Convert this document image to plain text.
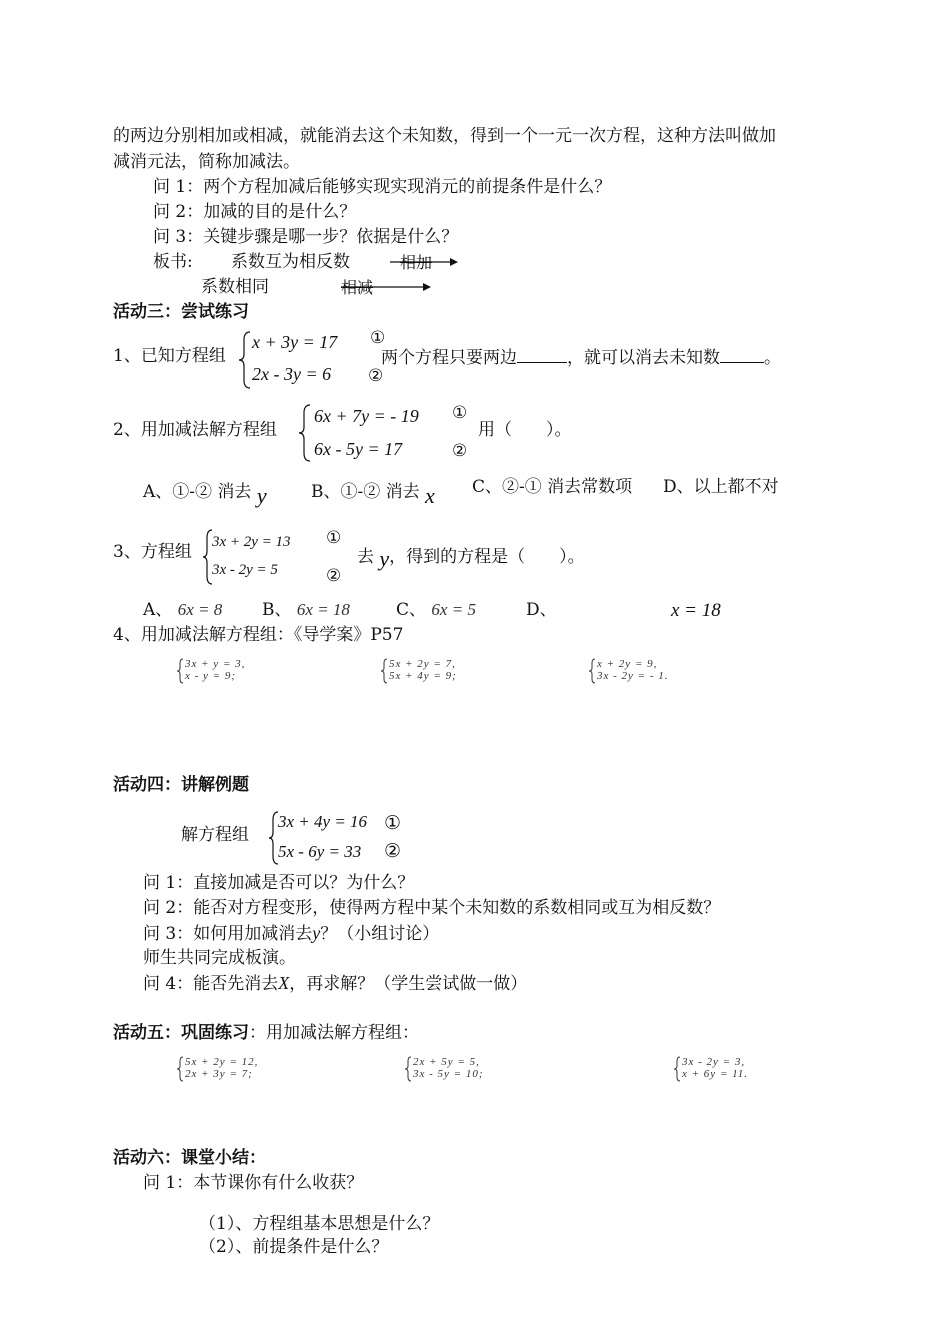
的两边分别相加或相减，就能消去这个未知数，得到一个一元一次方程，这种方法叫做加
减消元法，简称加减法。
问 1：两个方程加减后能够实现实现消元的前提条件是什么？
问 2：加减的目的是什么？
问 3：关键步骤是哪一步？依据是什么？
板书: 系数互为相反数	相加
系数相同	相减
活动三：尝试练习
1、已知方程组
x + 3y = 17
2x - 3y = 6
①
②
两个方程只要两边	，就可以消去未知数	。
2、用加减法解方程组
6x + 7y = - 19
6x - 5y = 17
①
②
用（　　）。
A、①-② 消去 y	B、①-② 消去 x C、②-① 消去常数项 D、以上都不对
3、方程组 3x + 2y = 13
3x - 2y = 5
①
②
去 y，得到的方程是（　　）。
A、 6x = 8 B、 6x = 18	C、 6x = 5	D、	x = 18
4、用加减法解方程组：《导学案》P57
3x + y = 3,
x - y = 9;
5x + 2y = 7,
5x + 4y = 9;
x + 2y = 9,
3x - 2y = - 1.
活动四：讲解例题
解方程组
3x + 4y = 16
5x - 6y = 33
①
②
问 1：直接加减是否可以？为什么？
问 2：能否对方程变形，使得两方程中某个未知数的系数相同或互为相反数？
问 3：如何用加减消去y？（小组讨论）
师生共同完成板演。
问 4：能否先消去X，再求解？（学生尝试做一做）
活动五：巩固练习：用加减法解方程组：
5x + 2y = 12,
2x + 3y = 7;
2x + 5y = 5,
3x - 5y = 10;
3x - 2y = 3,
x + 6y = 11.
活动六：课堂小结：
问 1：本节课你有什么收获？
（1）、方程组基本思想是什么？
（2）、前提条件是什么？
